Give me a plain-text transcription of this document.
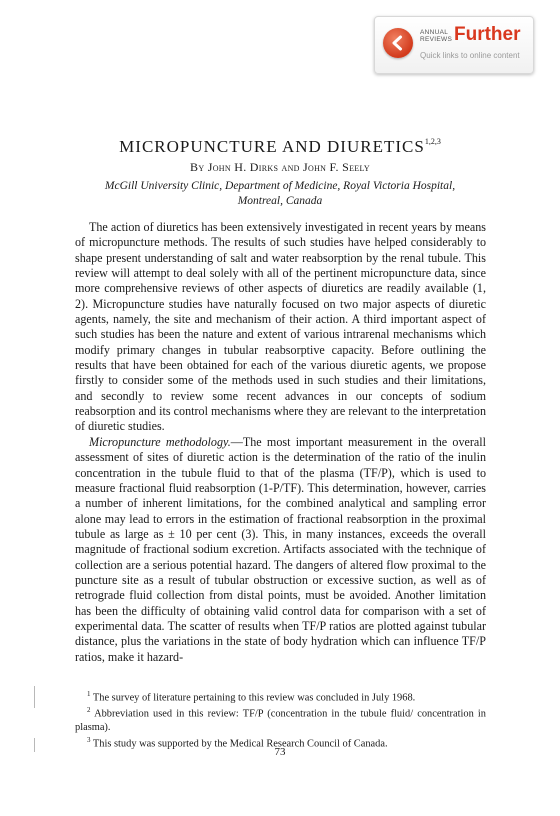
ANNUAL
REVIEWS Further
Quick links to online content
MICROPUNCTURE AND DIURETICS$^{1,2,3}$
By John H. Dirks and John F. Seely
McGill University Clinic, Department of Medicine, Royal Victoria Hospital,
Montreal, Canada

The action of diuretics has been extensively investigated in recent years by means of micropuncture methods. The results of such studies have helped considerably to shape present understanding of salt and water reabsorption by the renal tubule. This review will attempt to deal solely with all of the pertinent micropuncture data, since more comprehensive reviews of other aspects of diuretics are readily available (1, 2). Micropuncture studies have naturally focused on two major aspects of diuretic agents, namely, the site and mechanism of their action. A third important aspect of such studies has been the nature and extent of various intrarenal mechanisms which modify primary changes in tubular reabsorptive capacity. Before outlining the results that have been obtained for each of the various diuretic agents, we propose firstly to consider some of the methods used in such studies and their limitations, and secondly to review some recent advances in our concepts of sodium reabsorption and its control mechanisms where they are relevant to the interpretation of diuretic studies.

Micropuncture methodology.—The most important measurement in the overall assessment of sites of diuretic action is the determination of the ratio of the inulin concentration in the tubule fluid to that of the plasma (TF/P), which is used to measure fractional fluid reabsorption (1-P/TF). This determination, however, carries a number of inherent limitations, for the combined analytical and sampling error alone may lead to errors in the estimation of fractional reabsorption in the proximal tubule as large as ± 10 per cent (3). This, in many instances, exceeds the overall magnitude of fractional sodium excretion. Artifacts associated with the technique of collection are a serious potential hazard. The dangers of altered flow proximal to the puncture site as a result of tubular obstruction or excessive suction, as well as of retrograde fluid collection from distal points, must be avoided. Another limitation has been the difficulty of obtaining valid control data for comparison with a set of experimental data. The scatter of results when TF/P ratios are plotted against tubular distance, plus the variations in the state of body hydration which can influence TF/P ratios, make it hazard-

$^1$ The survey of literature pertaining to this review was concluded in July 1968.

$^2$ Abbreviation used in this review: TF/P (concentration in the tubule fluid/ concentration in plasma).

$^3$ This study was supported by the Medical Research Council of Canada.

73
